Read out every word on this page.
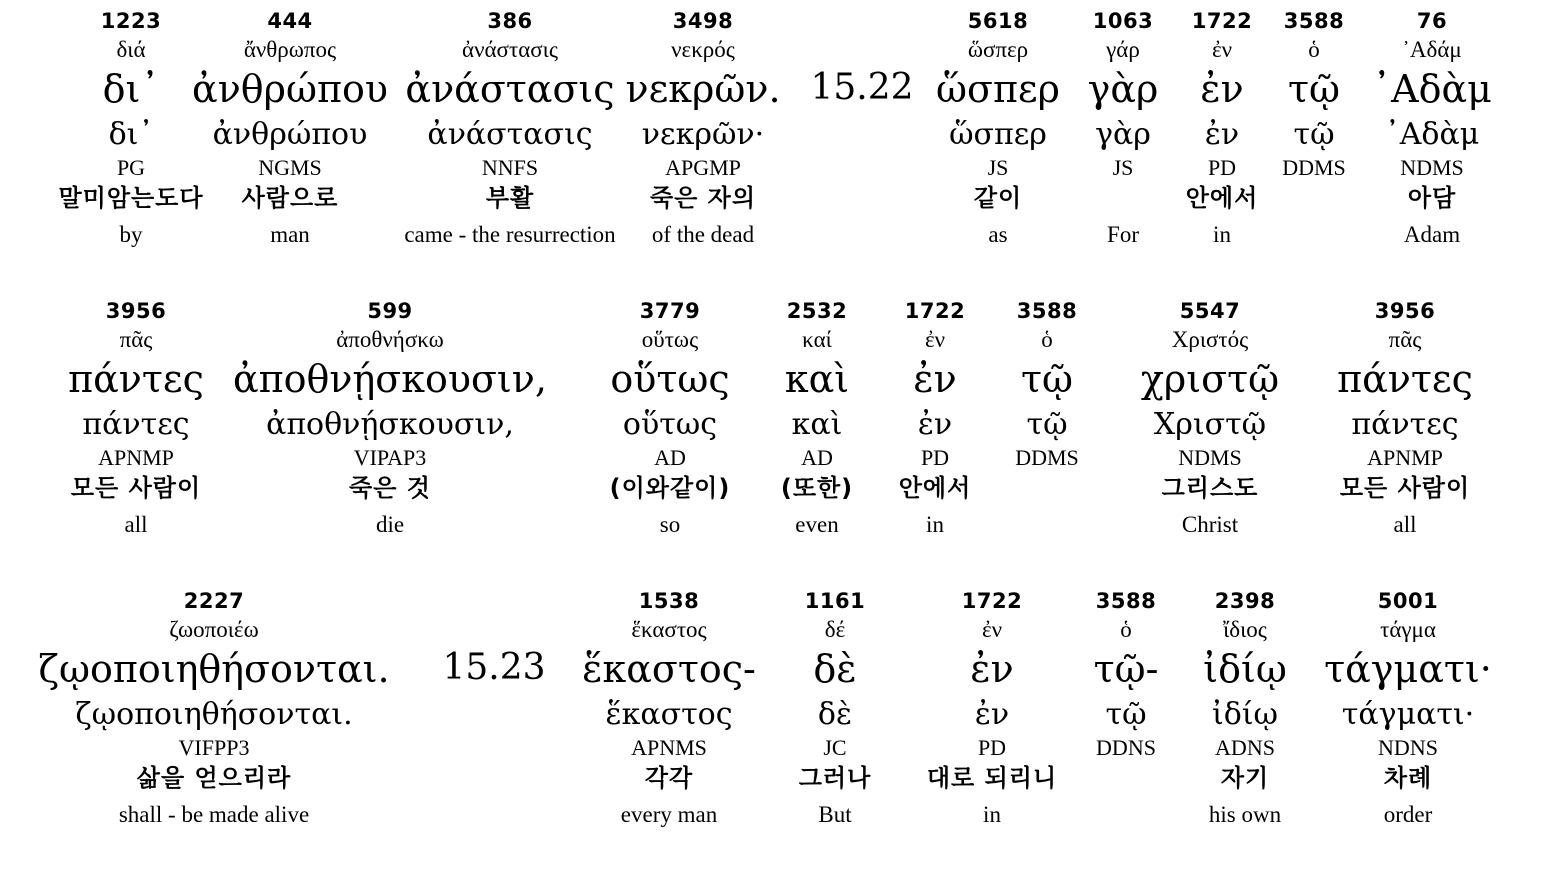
1223
διά
δι᾽
δι᾽
PG
말미암는도다
by
444
ἄνθρωπος
ἀνθρώπου
ἀνθρώπου
NGMS
사람으로
man
386
ἀνάστασις
ἀνάστασις
ἀνάστασις
NNFS
부활
came - the resurrection
3498
νεκρός
νεκρῶν.
νεκρῶν·
APGMP
죽은 자의
of the dead
5618
ὥσπερ
ὥσπερ
ὥσπερ
JS
같이
as
1063
γάρ
γὰρ
γὰρ
JS
For
1722
ἐν
ἐν
ἐν
PD
안에서
in
3588
ὁ
τῷ
τῷ
DDMS
76
᾽Αδάμ
᾽Αδὰμ
᾽Αδὰμ
NDMS
아담
Adam
15.22
3956
πᾶς
πάντες
πάντες
APNMP
모든 사람이
all
599
ἀποθνήσκω
ἀποθνῄσκουσιν,
ἀποθνῄσκουσιν,
VIPAP3
죽은 것
die
3779
οὕτως
οὕτως
οὕτως
AD
(이와같이)
so
2532
καί
καὶ
καὶ
AD
(또한)
even
1722
ἐν
ἐν
ἐν
PD
안에서
in
3588
ὁ
τῷ
τῷ
DDMS
5547
Χριστός
χριστῷ
Χριστῷ
NDMS
그리스도
Christ
3956
πᾶς
πάντες
πάντες
APNMP
모든 사람이
all
2227
ζωοποιέω
ζῳοποιηθήσονται.
ζῳοποιηθήσονται.
VIFPP3
삶을 얻으리라
shall - be made alive
1538
ἕκαστος
ἕκαστος-
ἕκαστος
APNMS
각각
every man
1161
δέ
δὲ
δὲ
JC
그러나
But
1722
ἐν
ἐν
ἐν
PD
대로 되리니
in
3588
ὁ
τῷ-
τῷ
DDNS
2398
ἴδιος
ἰδίῳ
ἰδίῳ
ADNS
자기
his own
5001
τάγμα
τάγματι·
τάγματι·
NDNS
차례
order
15.23
